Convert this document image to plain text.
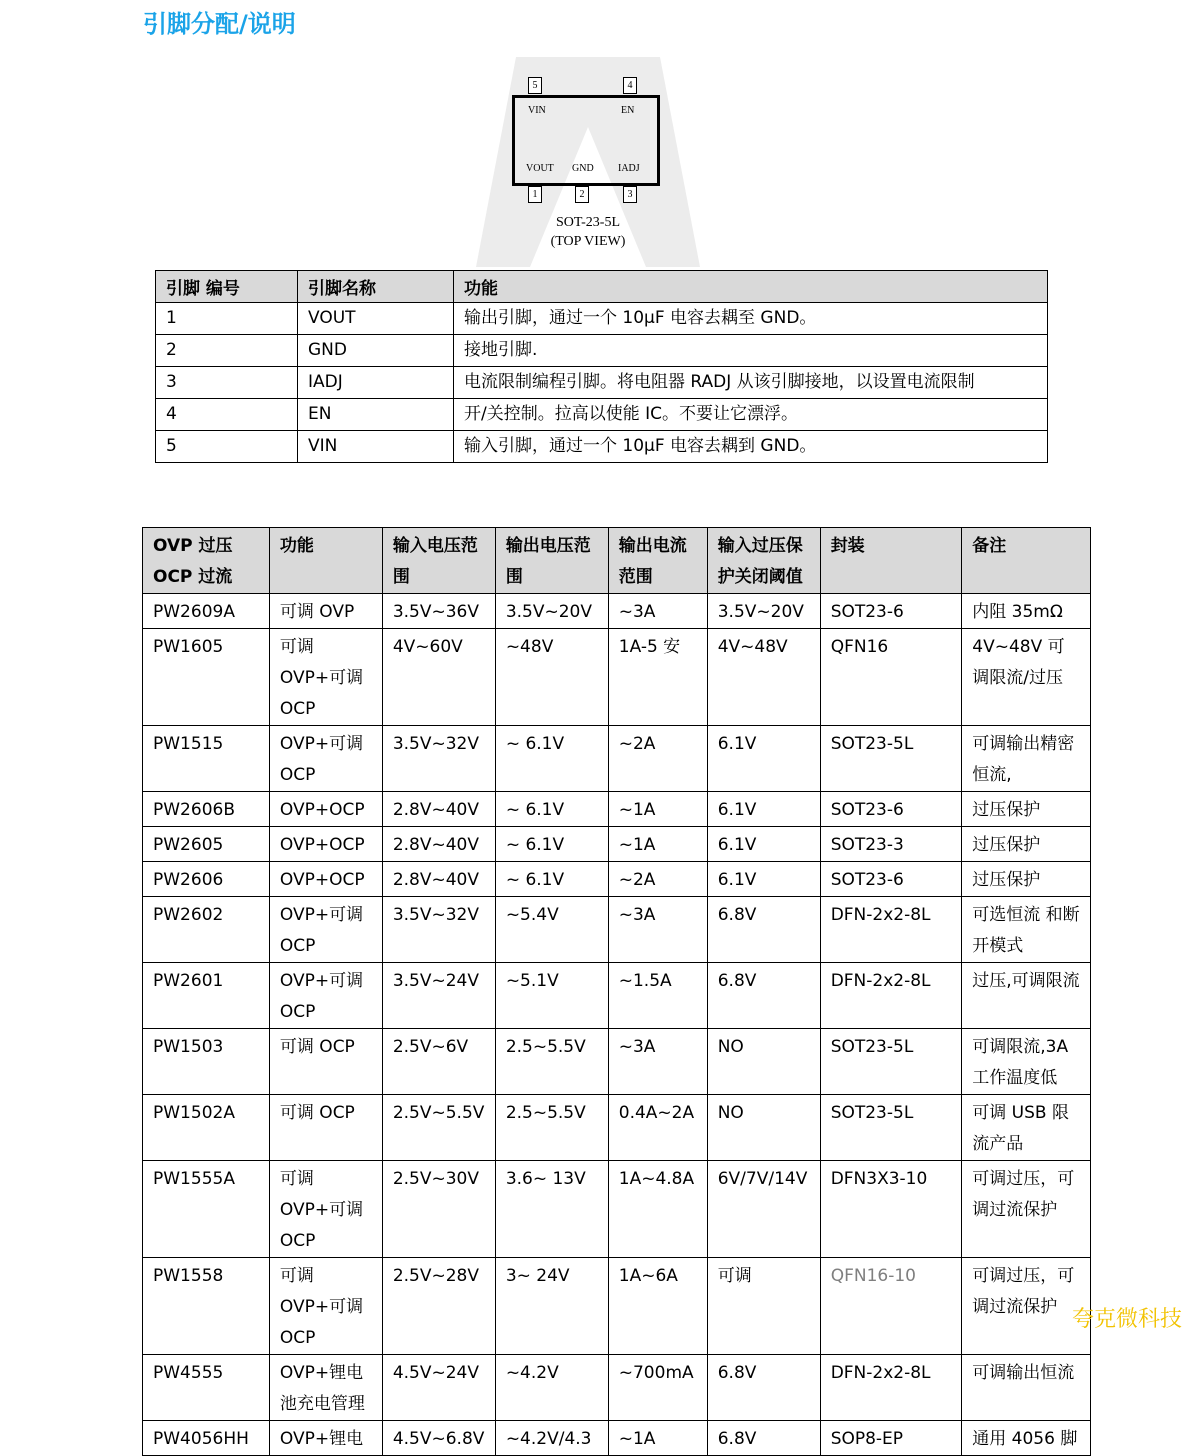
引脚分配/说明
5	4
VIN	EN
VOUT GND IADJ
1	2	3
SOT-23-5L
(TOP VIEW)
引脚 编号	引脚名称	功能
1	VOUT	输出引脚，通过一个 10μF 电容去耦至 GND。
2	GND	接地引脚.
3	IADJ	电流限制编程引脚。将电阻器 RADJ 从该引脚接地，以设置电流限制
4	EN	开/关控制。拉高以使能 IC。不要让它漂浮。
5	VIN	输入引脚，通过一个 10μF 电容去耦到 GND。
OVP 过压 OCP 过流	功能	输入电压范围	输出电压范围	输出电流范围	输入过压保护关闭阈值	封装	备注
PW2609A	可调 OVP	3.5V~36V	3.5V~20V	~3A	3.5V~20V	SOT23-6	内阻 35mΩ
PW1605	可调 OVP+可调 OCP	4V~60V	~48V	1A-5 安	4V~48V	QFN16	4V~48V 可调限流/过压
PW1515	OVP+可调 OCP	3.5V~32V	~ 6.1V	~2A	6.1V	SOT23-5L	可调输出精密恒流,
PW2606B	OVP+OCP	2.8V~40V	~ 6.1V	~1A	6.1V	SOT23-6	过压保护
PW2605	OVP+OCP	2.8V~40V	~ 6.1V	~1A	6.1V	SOT23-3	过压保护
PW2606	OVP+OCP	2.8V~40V	~ 6.1V	~2A	6.1V	SOT23-6	过压保护
PW2602	OVP+可调 OCP	3.5V~32V	~5.4V	~3A	6.8V	DFN-2x2-8L	可选恒流 和断开模式
PW2601	OVP+可调 OCP	3.5V~24V	~5.1V	~1.5A	6.8V	DFN-2x2-8L	过压,可调限流
PW1503	可调 OCP	2.5V~6V	2.5~5.5V	~3A	NO	SOT23-5L	可调限流,3A 工作温度低
PW1502A	可调 OCP	2.5V~5.5V	2.5~5.5V	0.4A~2A	NO	SOT23-5L	可调 USB 限流产品
PW1555A	可调 OVP+可调 OCP	2.5V~30V	3.6~ 13V	1A~4.8A	6V/7V/14V	DFN3X3-10	可调过压，可调过流保护
PW1558	可调 OVP+可调 OCP	2.5V~28V	3~ 24V	1A~6A	可调	QFN16-10	可调过压，可调过流保护
PW4555	OVP+锂电池充电管理	4.5V~24V	~4.2V	~700mA	6.8V	DFN-2x2-8L	可调输出恒流
PW4056HH	OVP+锂电	4.5V~6.8V	~4.2V/4.3	~1A	6.8V	SOP8-EP	通用 4056 脚
夸克微科技
